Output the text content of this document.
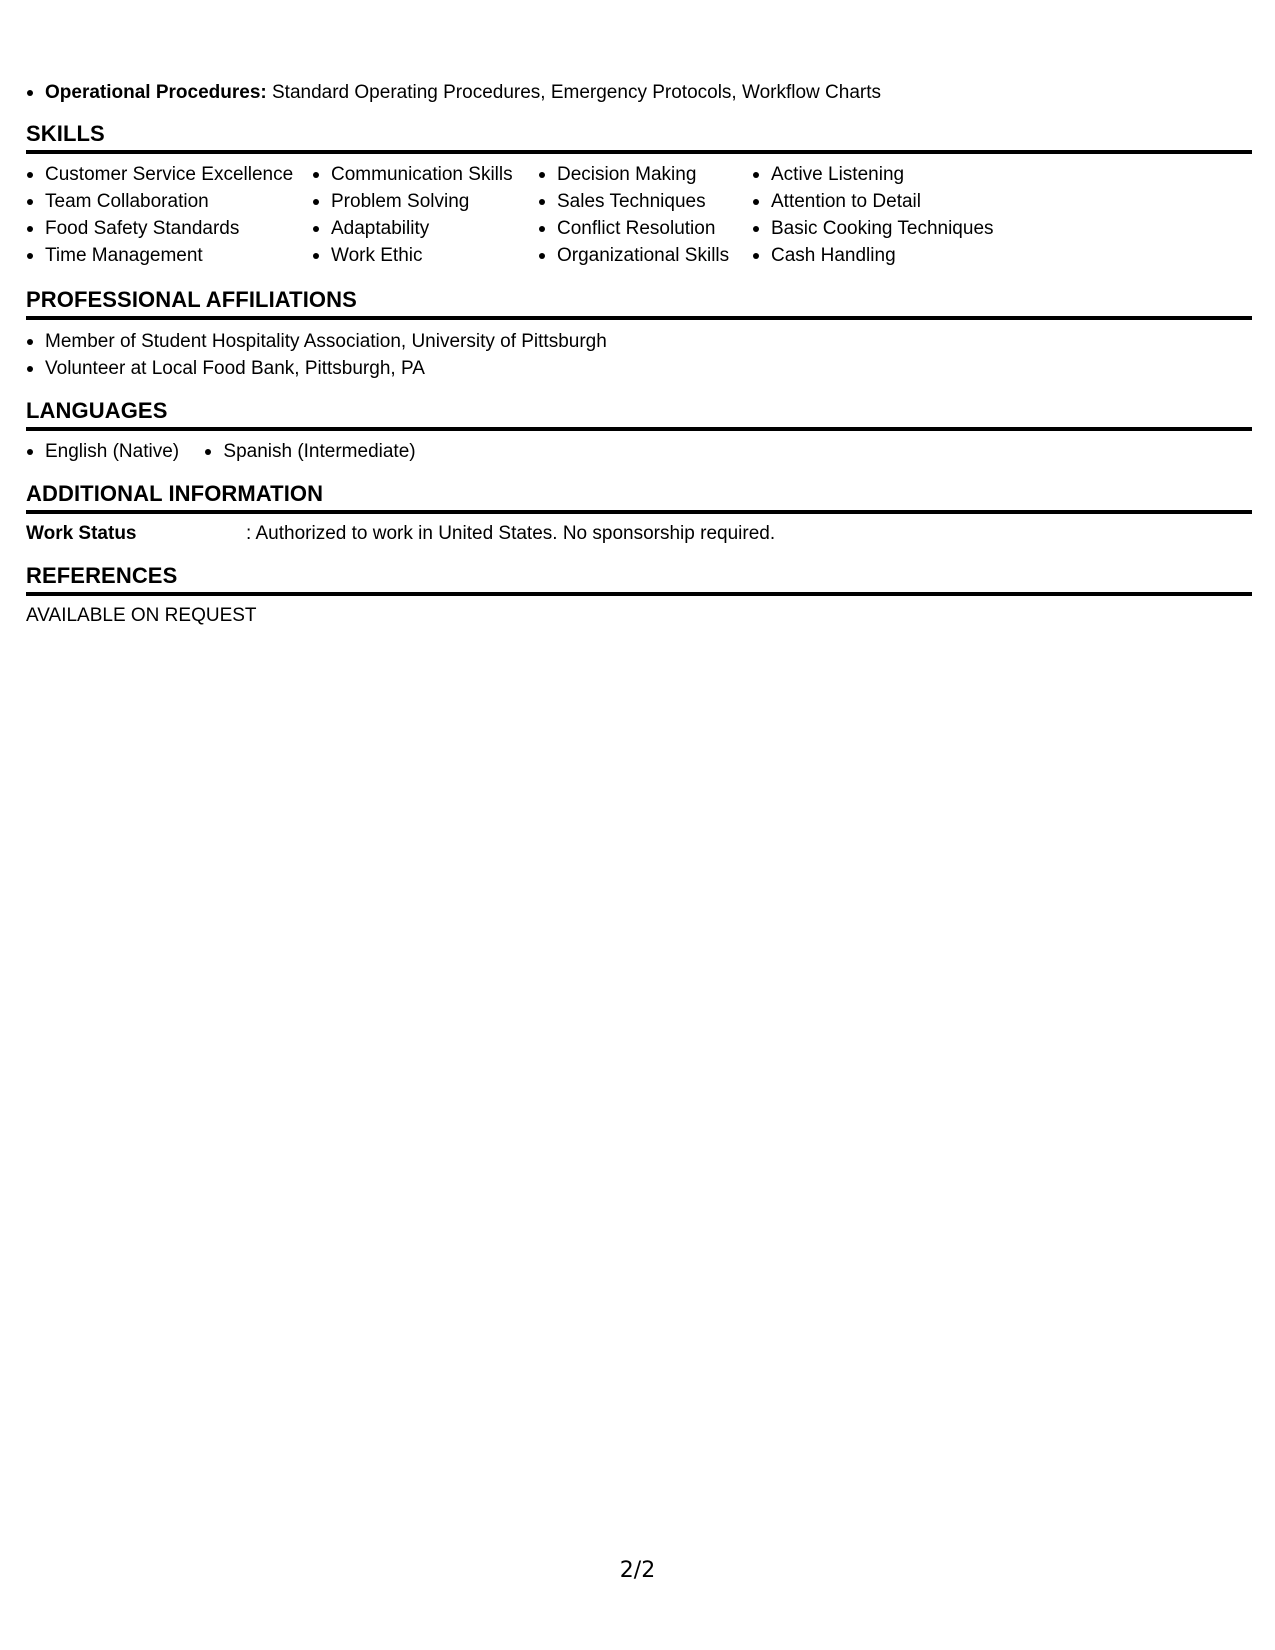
Operational Procedures: Standard Operating Procedures, Emergency Protocols, Workflow Charts
SKILLS
Customer Service Excellence
Team Collaboration
Food Safety Standards
Time Management
Communication Skills
Problem Solving
Adaptability
Work Ethic
Decision Making
Sales Techniques
Conflict Resolution
Organizational Skills
Active Listening
Attention to Detail
Basic Cooking Techniques
Cash Handling
PROFESSIONAL AFFILIATIONS
Member of Student Hospitality Association, University of Pittsburgh
Volunteer at Local Food Bank, Pittsburgh, PA
LANGUAGES
English (Native) Spanish (Intermediate)
ADDITIONAL INFORMATION
Work Status	: Authorized to work in United States. No sponsorship required.
REFERENCES
AVAILABLE ON REQUEST
2/2
